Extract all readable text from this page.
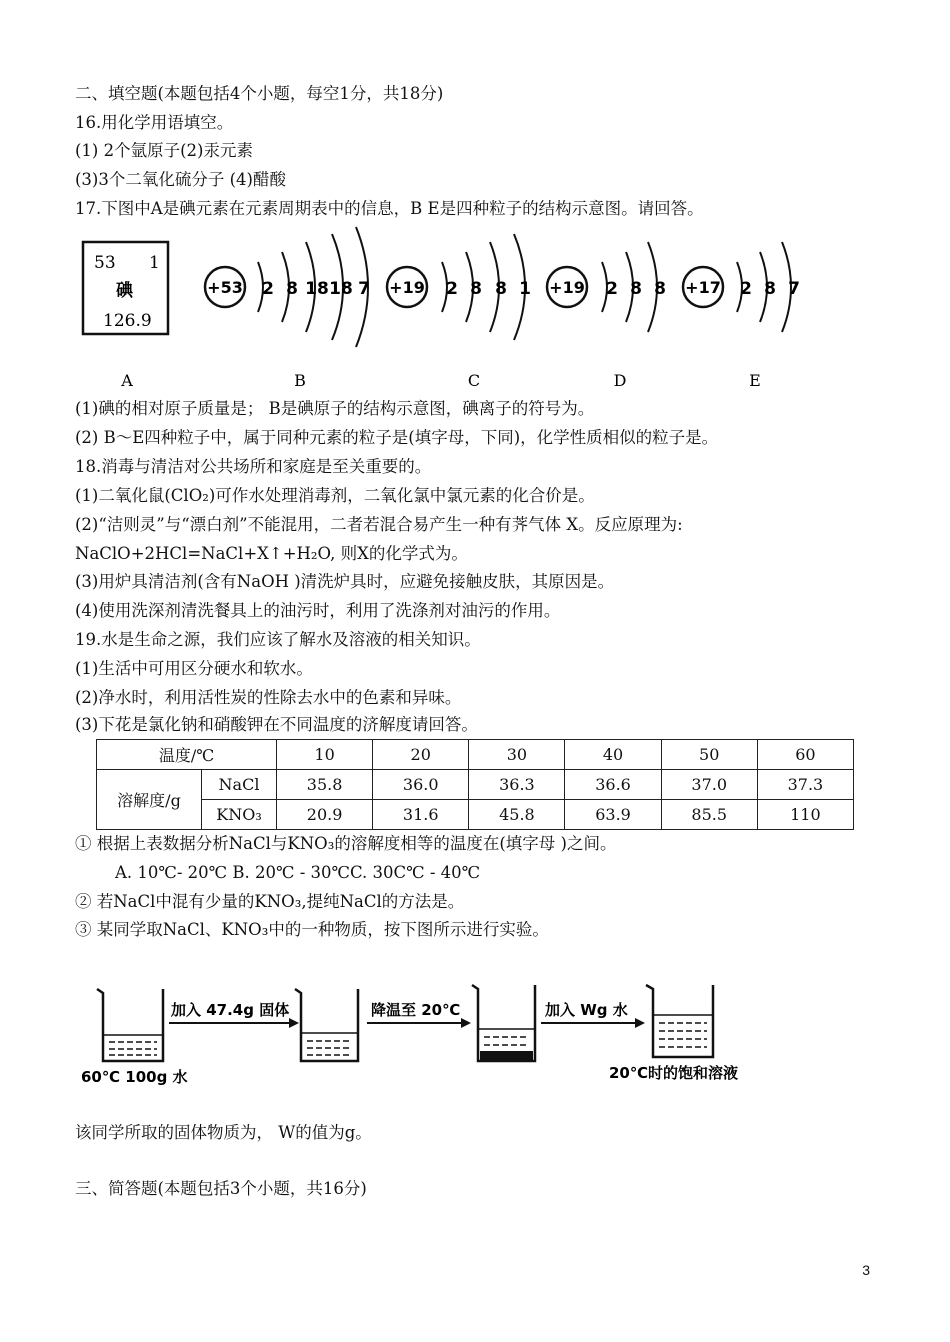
二、填空题(本题包括4个小题，每空1分，共18分)
16.用化学用语填空。
(1) 2个氩原子(2)汞元素
(3)3个二氧化硫分子 (4)醋酸
17.下图中A是碘元素在元素周期表中的信息，B E是四种粒子的结构示意图。请回答。
53 1
碘
126.9
+53 2 8 18 18 7 +19 2 8 8 1 +19 2 8 8 +17 2 8 7
A	B	C	D	E
(1)碘的相对原子质量是； B是碘原子的结构示意图，碘离子的符号为。
(2) B～E四种粒子中，属于同种元素的粒子是(填字母，下同)，化学性质相似的粒子是。
18.消毒与清洁对公共场所和家庭是至关重要的。
(1)二氧化鼠(ClO₂)可作水处理消毒剂，二氧化氯中氯元素的化合价是。
(2)“洁则灵”与“漂白剂”不能混用，二者若混合易产生一种有荠气体 X。反应原理为:
NaClO+2HCl=NaCl+X↑+H₂O, 则X的化学式为。
(3)用炉具清洁剂(含有NaOH )清洗炉具时，应避免接触皮肤，其原因是。
(4)使用洗深剂清洗餐具上的油污时，利用了洗涤剂对油污的作用。
19.水是生命之源，我们应该了解水及溶液的相关知识。
(1)生活中可用区分硬水和软水。
(2)净水时，利用活性炭的性除去水中的色素和异味。
(3)下花是氯化钠和硝酸钾在不同温度的济解度请回答。
温度/℃		10	20	30	40	50	60
溶解度/g	NaCl	35.8	36.0	36.3	36.6	37.0	37.3
	KNO₃	20.9	31.6	45.8	63.9	85.5	110
① 根据上表数据分析NaCl与KNO₃的溶解度相等的温度在(填字母 )之间。
A. 10℃- 20℃ B. 20℃ - 30℃C. 30C℃ - 40℃
② 若NaCl中混有少量的KNO₃,提纯NaCl的方法是。
③ 某同学取NaCl、KNO₃中的一种物质，按下图所示进行实验。
60℃ 100g 水
加入 47.4g 固体	降温至 20℃	加入 Wg 水
20℃时的饱和溶液
该同学所取的固体物质为， W的值为g。
三、简答题(本题包括3个小题，共16分)
3
